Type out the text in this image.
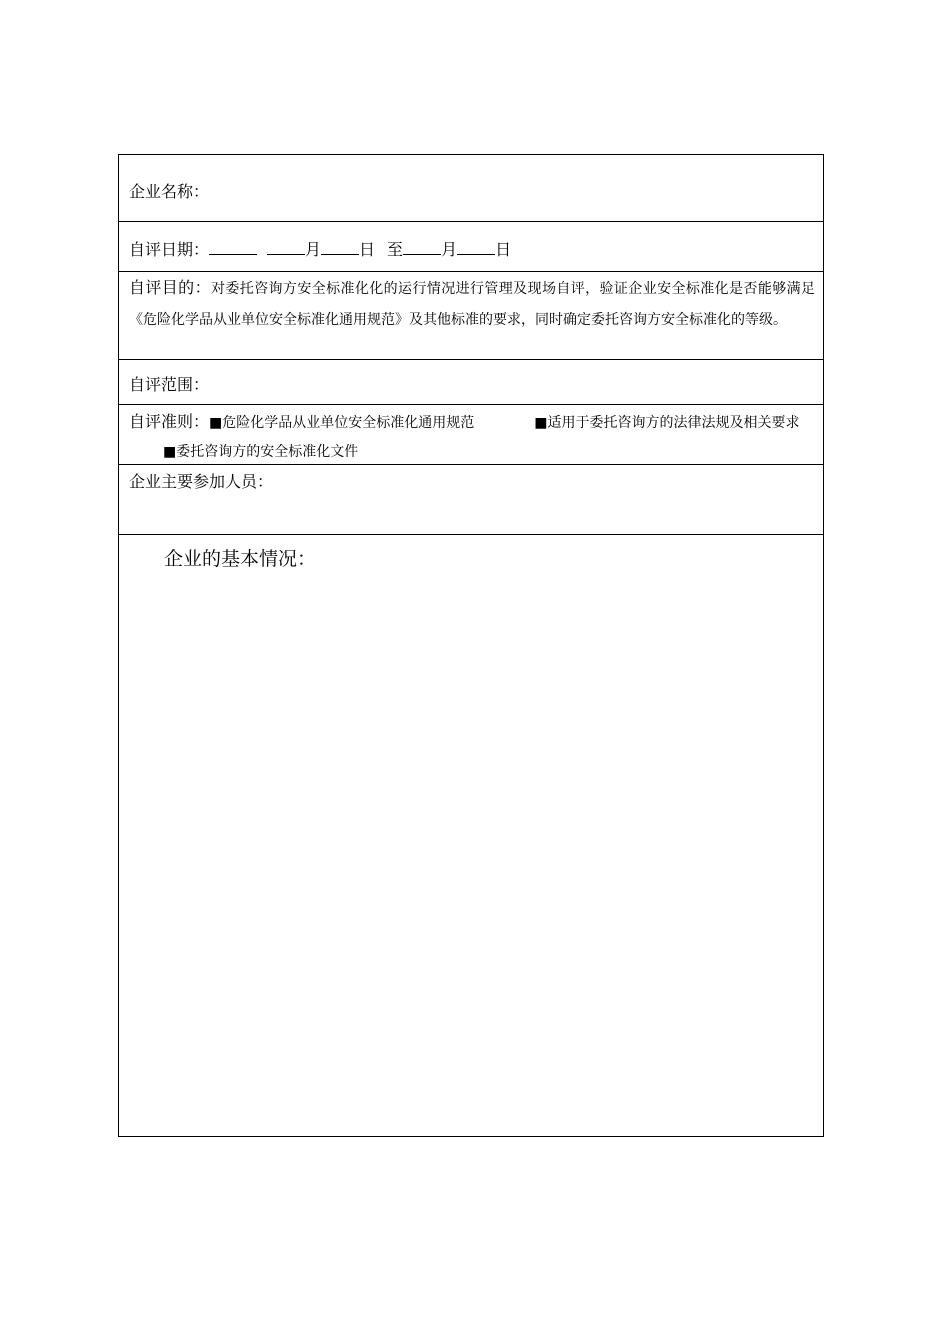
企业名称：
自评日期：	月 日 至 月 日
自评目的：对委托咨询方安全标准化化的运行情况进行管理及现场自评，验证企业安全标准化是否能够满足《危险化学品从业单位安全标准化通用规范》及其他标准的要求，同时确定委托咨询方安全标准化的等级。
自评范围：
自评准则：■危险化学品从业单位安全标准化通用规范	■适用于委托咨询方的法律法规及相关要求■委托咨询方的安全标准化文件
企业主要参加人员：
企业的基本情况：
